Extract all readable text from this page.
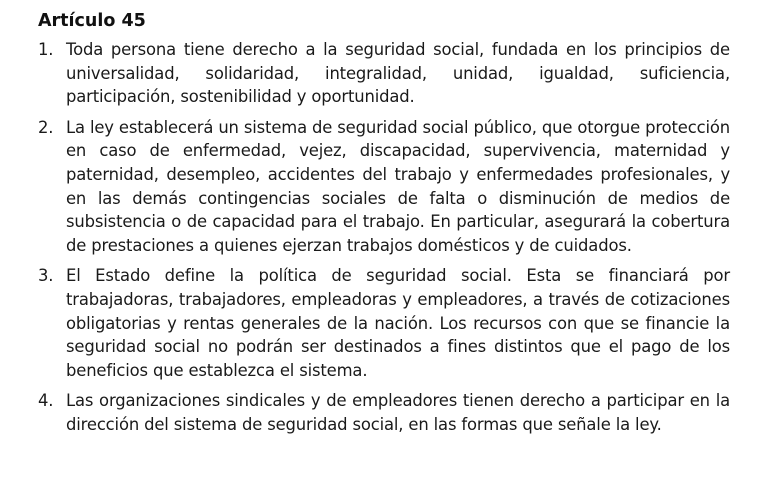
Artículo 45
1. Toda persona tiene derecho a la seguridad social, fundada en los principios de universalidad, solidaridad, integralidad, unidad, igualdad, suficiencia, participación, sostenibilidad y oportunidad.
2. La ley establecerá un sistema de seguridad social público, que otorgue protección en caso de enfermedad, vejez, discapacidad, supervivencia, maternidad y paternidad, desempleo, accidentes del trabajo y enfermedades profesionales, y en las demás contingencias sociales de falta o disminución de medios de subsistencia o de capacidad para el trabajo. En particular, asegurará la cobertura de prestaciones a quienes ejerzan trabajos domésticos y de cuidados.
3. El Estado define la política de seguridad social. Esta se financiará por trabajadoras, trabajadores, empleadoras y empleadores, a través de cotizaciones obligatorias y rentas generales de la nación. Los recursos con que se financie la seguridad social no podrán ser destinados a fines distintos que el pago de los beneficios que establezca el sistema.
4. Las organizaciones sindicales y de empleadores tienen derecho a participar en la dirección del sistema de seguridad social, en las formas que señale la ley.
